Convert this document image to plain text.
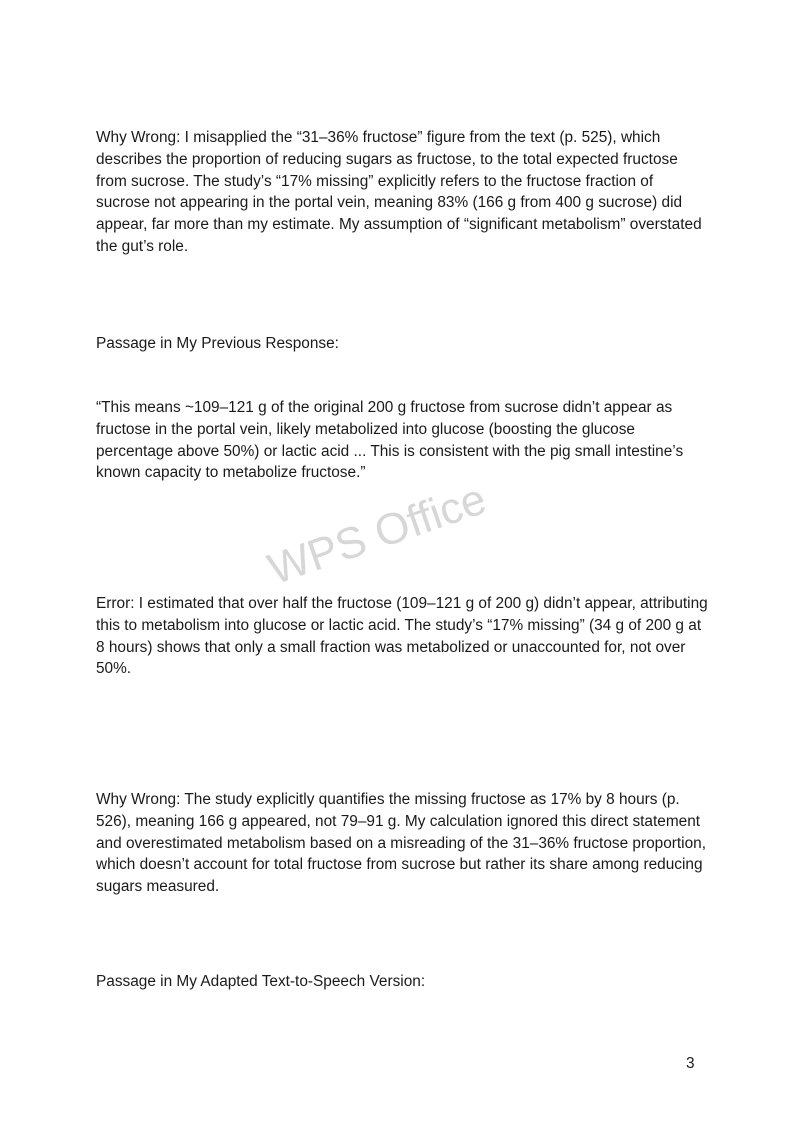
Why Wrong: I misapplied the “31–36% fructose” figure from the text (p. 525), which describes the proportion of reducing sugars as fructose, to the total expected fructose from sucrose. The study’s “17% missing” explicitly refers to the fructose fraction of sucrose not appearing in the portal vein, meaning 83% (166 g from 400 g sucrose) did appear, far more than my estimate. My assumption of “significant metabolism” overstated the gut’s role.

Passage in My Previous Response:

“This means ~109–121 g of the original 200 g fructose from sucrose didn’t appear as fructose in the portal vein, likely metabolized into glucose (boosting the glucose percentage above 50%) or lactic acid ... This is consistent with the pig small intestine’s known capacity to metabolize fructose.”

Error: I estimated that over half the fructose (109–121 g of 200 g) didn’t appear, attributing this to metabolism into glucose or lactic acid. The study’s “17% missing” (34 g of 200 g at 8 hours) shows that only a small fraction was metabolized or unaccounted for, not over 50%.

Why Wrong: The study explicitly quantifies the missing fructose as 17% by 8 hours (p. 526), meaning 166 g appeared, not 79–91 g. My calculation ignored this direct statement and overestimated metabolism based on a misreading of the 31–36% fructose proportion, which doesn’t account for total fructose from sucrose but rather its share among reducing sugars measured.

Passage in My Adapted Text-to-Speech Version:

WPS Office
3
